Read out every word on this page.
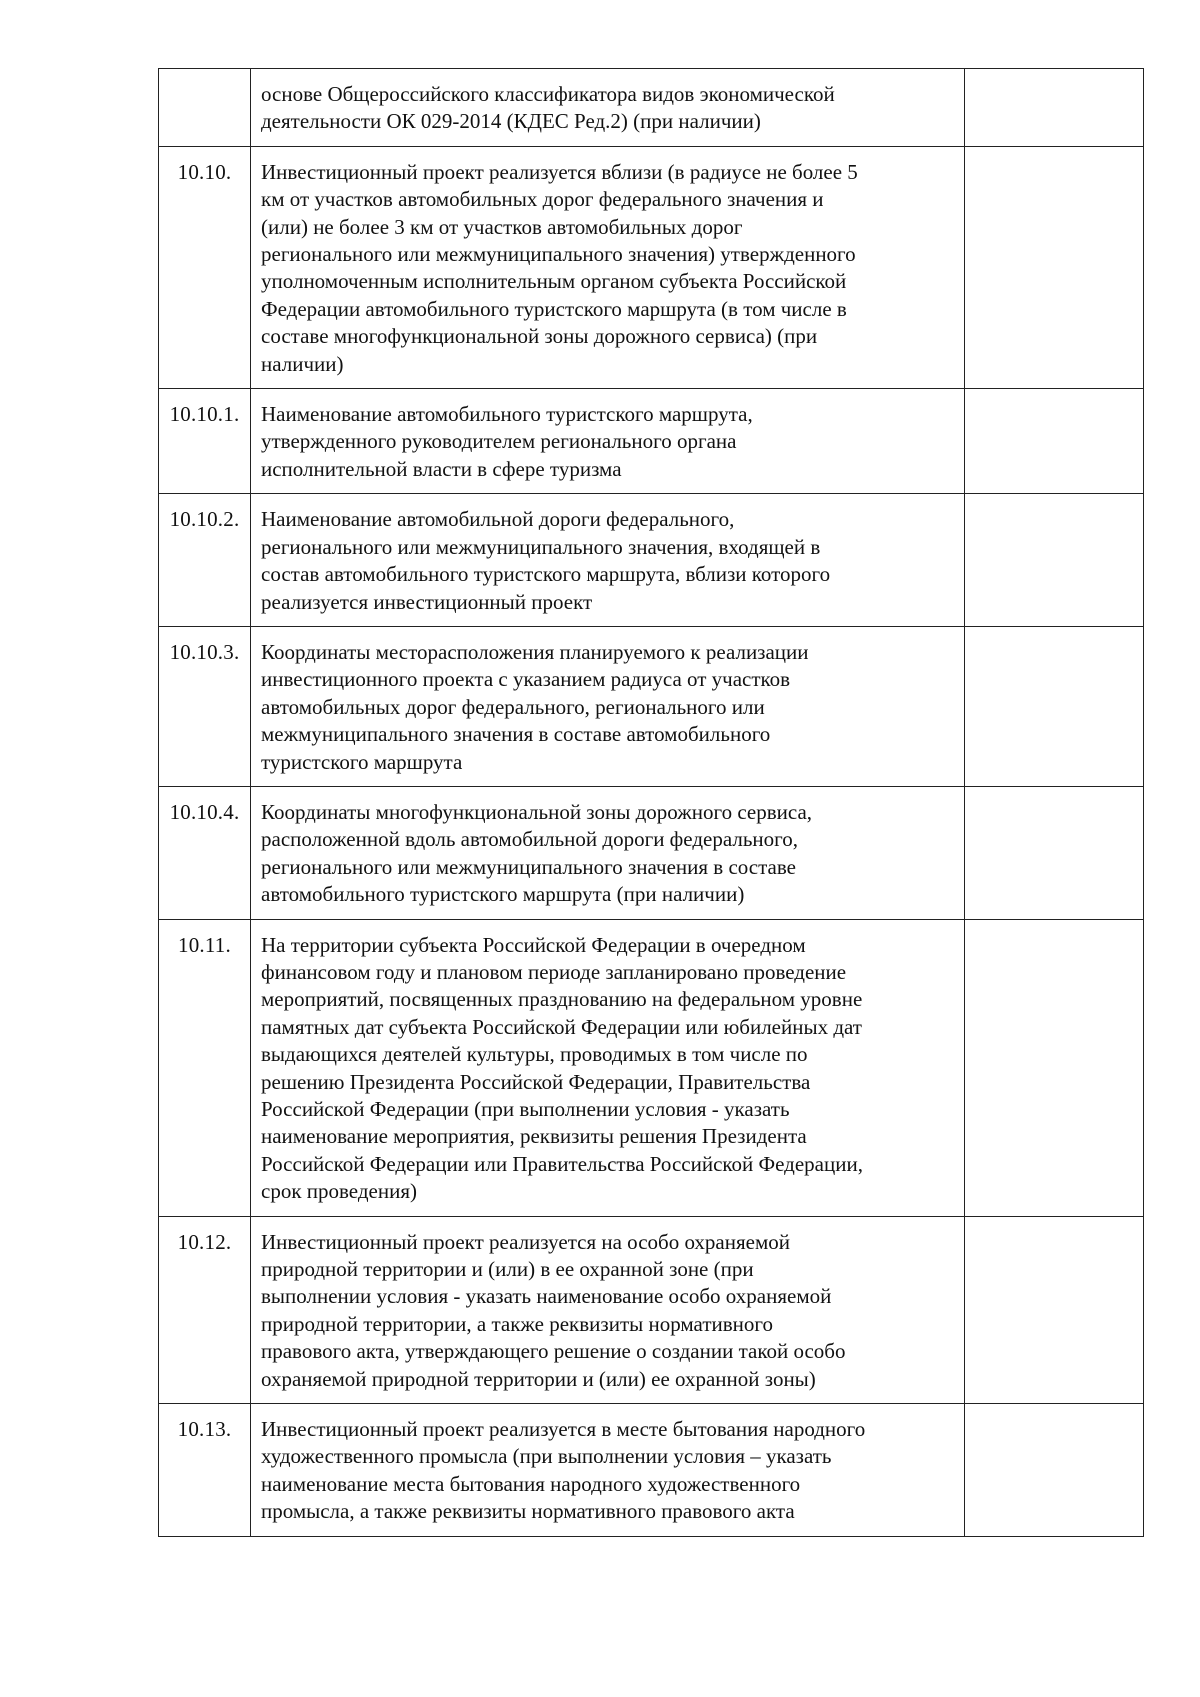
основе Общероссийского классификатора видов экономической
деятельности ОК 029-2014 (КДЕС Ред.2) (при наличии)
10.10.	Инвестиционный проект реализуется вблизи (в радиусе не более 5
км от участков автомобильных дорог федерального значения и
(или) не более 3 км от участков автомобильных дорог
регионального или межмуниципального значения) утвержденного
уполномоченным исполнительным органом субъекта Российской
Федерации автомобильного туристского маршрута (в том числе в
составе многофункциональной зоны дорожного сервиса) (при
наличии)
10.10.1.	Наименование автомобильного туристского маршрута,
утвержденного руководителем регионального органа
исполнительной власти в сфере туризма
10.10.2.	Наименование автомобильной дороги федерального,
регионального или межмуниципального значения, входящей в
состав автомобильного туристского маршрута, вблизи которого
реализуется инвестиционный проект
10.10.3.	Координаты месторасположения планируемого к реализации
инвестиционного проекта с указанием радиуса от участков
автомобильных дорог федерального, регионального или
межмуниципального значения в составе автомобильного
туристского маршрута
10.10.4.	Координаты многофункциональной зоны дорожного сервиса,
расположенной вдоль автомобильной дороги федерального,
регионального или межмуниципального значения в составе
автомобильного туристского маршрута (при наличии)
10.11.	На территории субъекта Российской Федерации в очередном
финансовом году и плановом периоде запланировано проведение
мероприятий, посвященных празднованию на федеральном уровне
памятных дат субъекта Российской Федерации или юбилейных дат
выдающихся деятелей культуры, проводимых в том числе по
решению Президента Российской Федерации, Правительства
Российской Федерации (при выполнении условия - указать
наименование мероприятия, реквизиты решения Президента
Российской Федерации или Правительства Российской Федерации,
срок проведения)
10.12.	Инвестиционный проект реализуется на особо охраняемой
природной территории и (или) в ее охранной зоне (при
выполнении условия - указать наименование особо охраняемой
природной территории, а также реквизиты нормативного
правового акта, утверждающего решение о создании такой особо
охраняемой природной территории и (или) ее охранной зоны)
10.13.	Инвестиционный проект реализуется в месте бытования народного
художественного промысла (при выполнении условия – указать
наименование места бытования народного художественного
промысла, а также реквизиты нормативного правового акта
